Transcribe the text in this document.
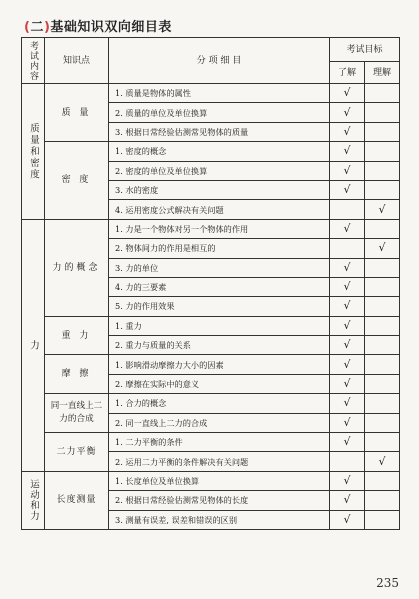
(二)基础知识双向细目表
考试内容	知识点	分 项 细 目	考试目标	
			了解	理解
质量和密度	质 量	1. 质量是物体的属性	√	
		2. 质量的单位及单位换算	√	
		3. 根据日常经验估测常见物体的质量	√	
	密 度	1. 密度的概念	√	
		2. 密度的单位及单位换算	√	
		3. 水的密度	√	
		4. 运用密度公式解决有关问题		√
力	力的概念	1. 力是一个物体对另一个物体的作用	√	
		2. 物体间力的作用是相互的		√
		3. 力的单位	√	
		4. 力的三要素	√	
		5. 力的作用效果	√	
	重 力	1. 重力	√	
		2. 重力与质量的关系	√	
	摩 擦	1. 影响滑动摩擦力大小的因素	√	
		2. 摩擦在实际中的意义	√	
	同一直线上二力的合成	1. 合力的概念	√	
		2. 同一直线上二力的合成	√	
	二力平衡	1. 二力平衡的条件	√	
		2. 运用二力平衡的条件解决有关问题		√
运动和力	长度测量	1. 长度单位及单位换算	√	
		2. 根据日常经验估测常见物体的长度	√	
		3. 测量有误差, 误差和错误的区别	√	
235
